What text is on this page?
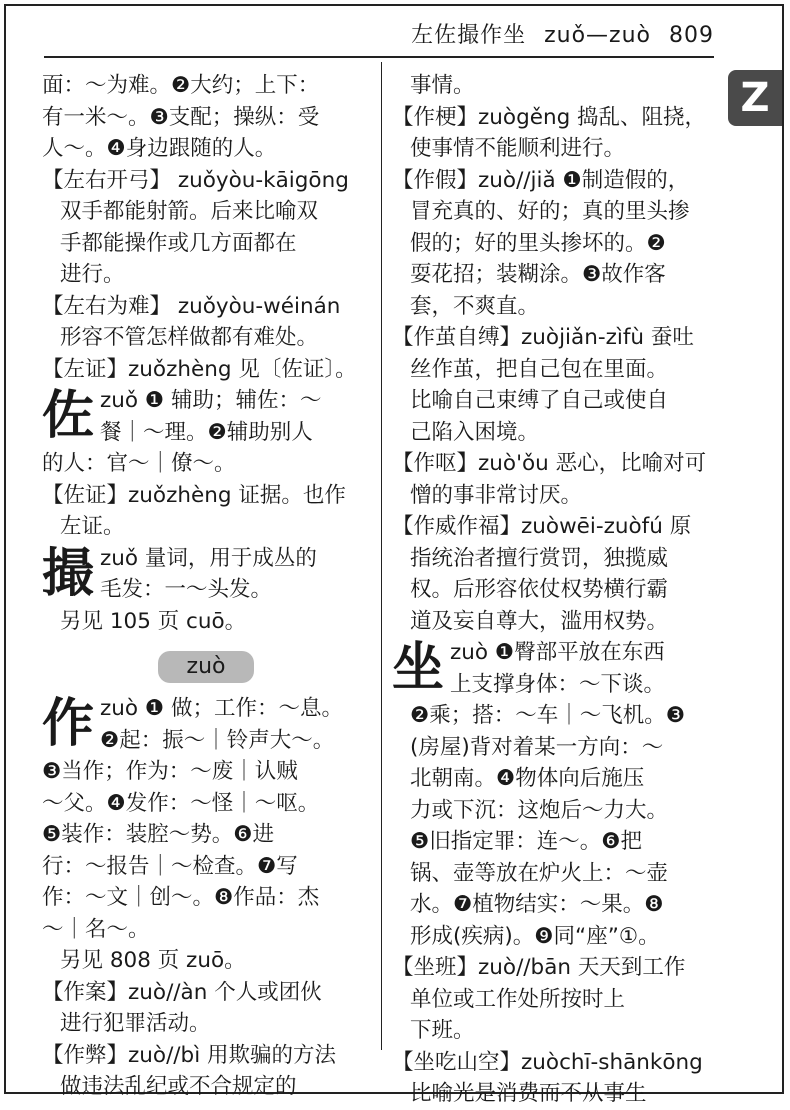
左佐撮作坐 zuǒ—zuò 809
Z
面：～为难。❷大约；上下：
有一米～。❸支配；操纵：受
人～。❹身边跟随的人。
【左右开弓】 zuǒyòu-kāigōng
双手都能射箭。后来比喻双
手都能操作或几方面都在
进行。
【左右为难】 zuǒyòu-wéinán
形容不管怎样做都有难处。
【左证】zuǒzhèng 见〔佐证〕。
佐 zuǒ ❶ 辅助；辅佐：～
餐｜～理。❷辅助别人
的人：官～｜僚～。
【佐证】zuǒzhèng 证据。也作
左证。
撮 zuǒ 量词，用于成丛的
毛发：一～头发。
另见 105 页 cuō。
zuò
作 zuò ❶ 做；工作：～息。
❷起：振～｜铃声大～。
❸当作；作为：～废｜认贼
～父。❹发作：～怪｜～呕。
❺装作：装腔～势。❻进
行：～报告｜～检查。❼写
作：～文｜创～。❽作品：杰
～｜名～。
另见 808 页 zuō。
【作案】zuò//àn 个人或团伙
进行犯罪活动。
【作弊】zuò//bì 用欺骗的方法
做违法乱纪或不合规定的
事情。
【作梗】zuògěng 捣乱、阻挠，
使事情不能顺利进行。
【作假】zuò//jiǎ ❶制造假的，
冒充真的、好的；真的里头掺
假的；好的里头掺坏的。❷
耍花招；装糊涂。❸故作客
套，不爽直。
【作茧自缚】zuòjiǎn-zìfù 蚕吐
丝作茧，把自己包在里面。
比喻自己束缚了自己或使自
己陷入困境。
【作呕】zuò'ǒu 恶心，比喻对可
憎的事非常讨厌。
【作威作福】zuòwēi-zuòfú 原
指统治者擅行赏罚，独揽威
权。后形容依仗权势横行霸
道及妄自尊大，滥用权势。
坐 zuò ❶臀部平放在东西
上支撑身体：～下谈。
❷乘；搭：～车｜～飞机。❸
(房屋)背对着某一方向：～
北朝南。❹物体向后施压
力或下沉：这炮后～力大。
❺旧指定罪：连～。❻把
锅、壶等放在炉火上：～壶
水。❼植物结实：～果。❽
形成(疾病)。❾同“座”①。
【坐班】zuò//bān 天天到工作
单位或工作处所按时上
下班。
【坐吃山空】zuòchī-shānkōng
比喻光是消费而不从事生
